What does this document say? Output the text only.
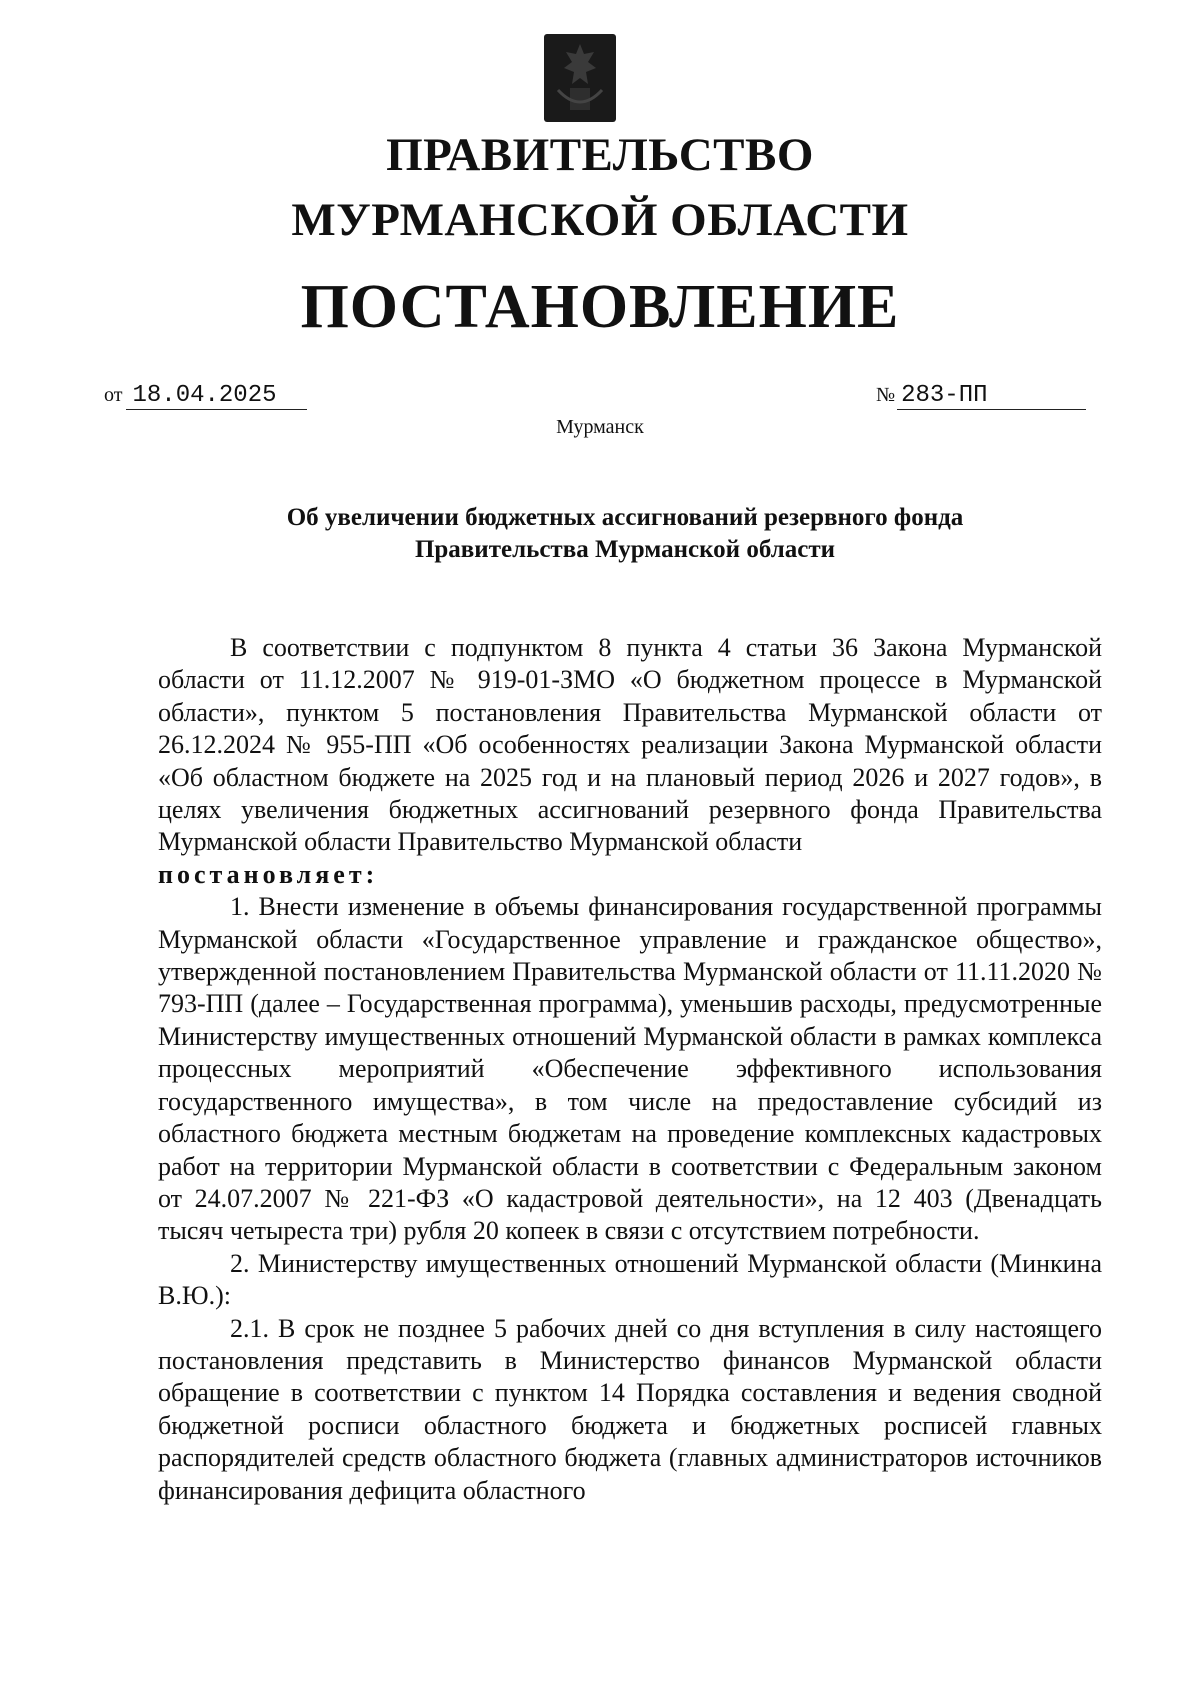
ПРАВИТЕЛЬСТВО
МУРМАНСКОЙ ОБЛАСТИ
ПОСТАНОВЛЕНИЕ
от 18.04.2025	№ 283-ПП
Мурманск
Об увеличении бюджетных ассигнований резервного фонда
Правительства Мурманской области

В соответствии с подпунктом 8 пункта 4 статьи 36 Закона Мурманской области от 11.12.2007 № 919-01-ЗМО «О бюджетном процессе в Мурманской области», пунктом 5 постановления Правительства Мурманской области от 26.12.2024 № 955-ПП «Об особенностях реализации Закона Мурманской области «Об областном бюджете на 2025 год и на плановый период 2026 и 2027 годов», в целях увеличения бюджетных ассигнований резервного фонда Правительства Мурманской области Правительство Мурманской области

постановляет:

1. Внести изменение в объемы финансирования государственной программы Мурманской области «Государственное управление и гражданское общество», утвержденной постановлением Правительства Мурманской области от 11.11.2020 № 793-ПП (далее – Государственная программа), уменьшив расходы, предусмотренные Министерству имущественных отношений Мурманской области в рамках комплекса процессных мероприятий «Обеспечение эффективного использования государственного имущества», в том числе на предоставление субсидий из областного бюджета местным бюджетам на проведение комплексных кадастровых работ на территории Мурманской области в соответствии с Федеральным законом от 24.07.2007 № 221-ФЗ «О кадастровой деятельности», на 12 403 (Двенадцать тысяч четыреста три) рубля 20 копеек в связи с отсутствием потребности.

2. Министерству имущественных отношений Мурманской области (Минкина В.Ю.):

2.1. В срок не позднее 5 рабочих дней со дня вступления в силу настоящего постановления представить в Министерство финансов Мурманской области обращение в соответствии с пунктом 14 Порядка составления и ведения сводной бюджетной росписи областного бюджета и бюджетных росписей главных распорядителей средств областного бюджета (главных администраторов источников финансирования дефицита областного
